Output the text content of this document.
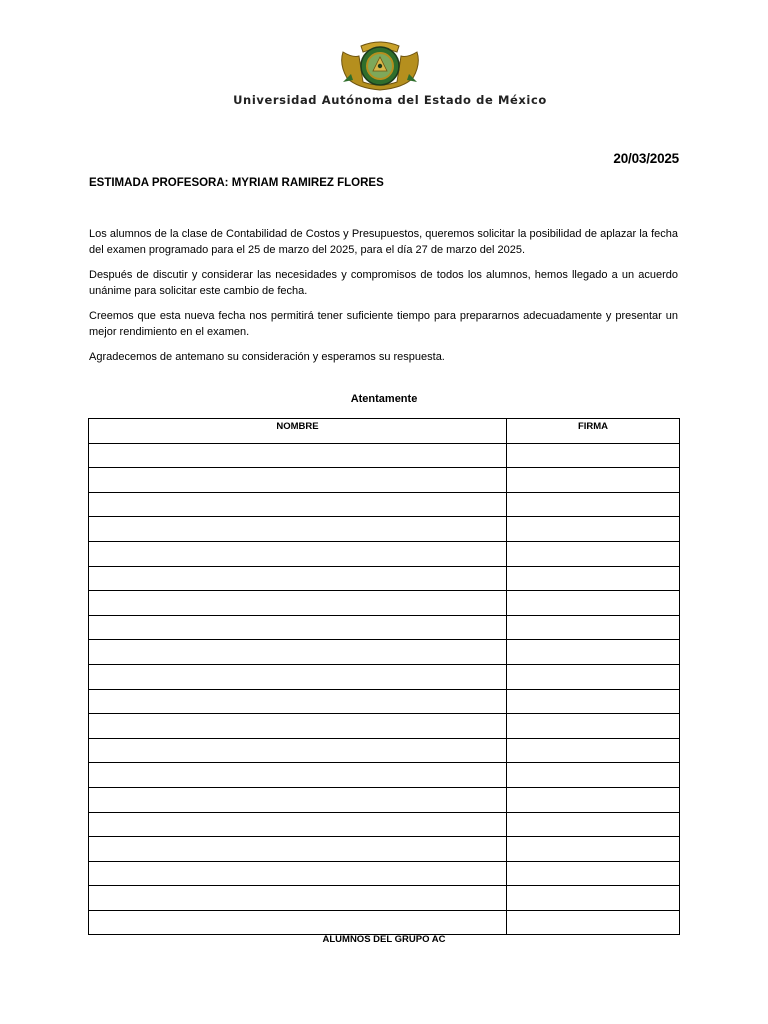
Universidad Autónoma del Estado de México
20/03/2025
ESTIMADA PROFESORA: MYRIAM RAMIREZ FLORES

Los alumnos de la clase de Contabilidad de Costos y Presupuestos, queremos solicitar la posibilidad de aplazar la fecha del examen programado para el 25 de marzo del 2025, para el día 27 de marzo del 2025.

Después de discutir y considerar las necesidades y compromisos de todos los alumnos, hemos llegado a un acuerdo unánime para solicitar este cambio de fecha.

Creemos que esta nueva fecha nos permitirá tener suficiente tiempo para prepararnos adecuadamente y presentar un mejor rendimiento en el examen.

Agradecemos de antemano su consideración y esperamos su respuesta.

Atentamente
NOMBRE	FIRMA

ALUMNOS DEL GRUPO AC
